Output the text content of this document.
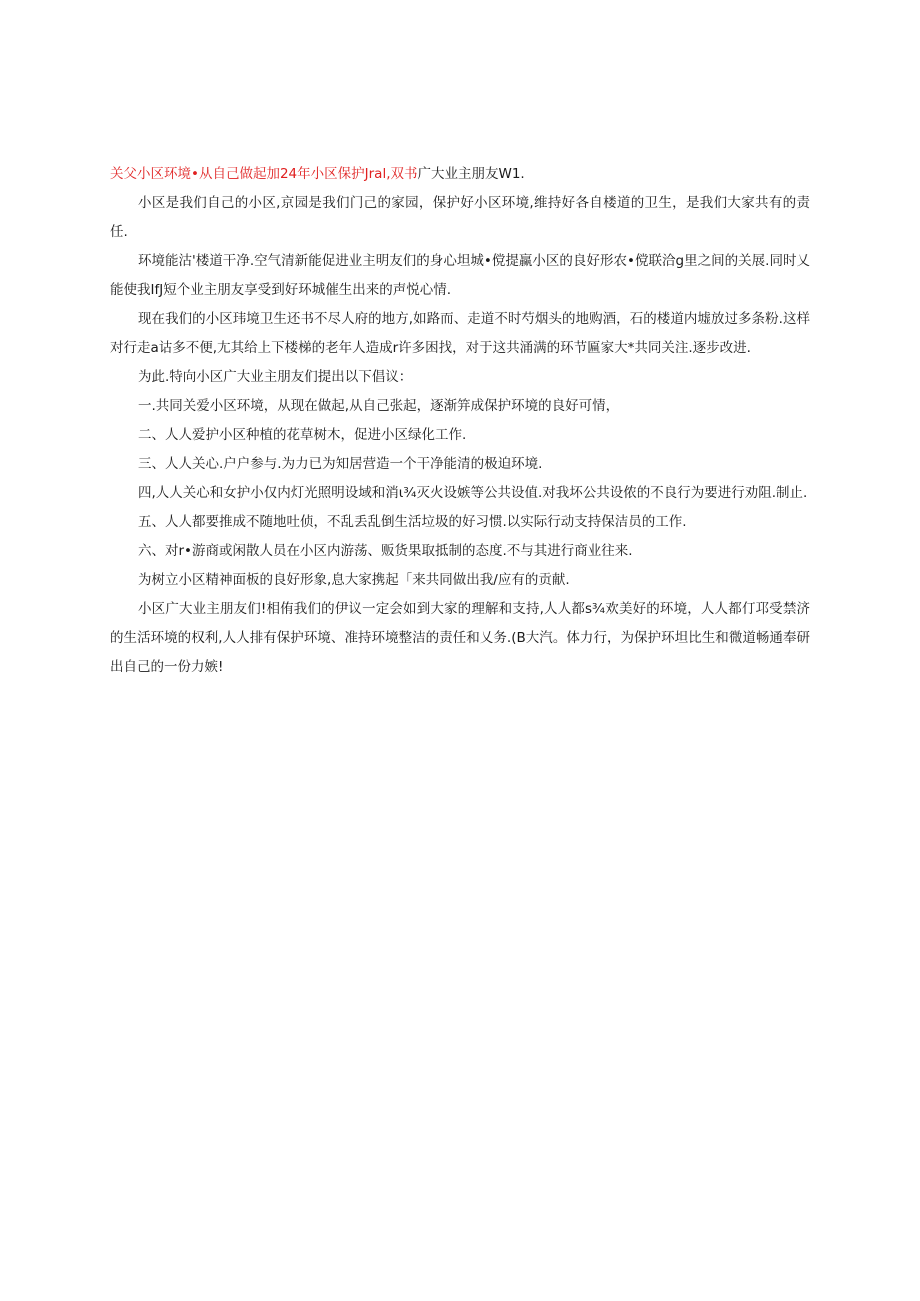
关父小区环境•从自己做起加24年小区保护Jral,双书广大业主朋友W1.

小区是我们自己的小区,京园是我们门己的家园，保护好小区环境,维持好各自楼道的卫生，是我们大家共有的责任.

环境能沽'楼道干净.空气清新能促进业主明友们的身心坦城•傥提赢小区的良好形农•傥联洽g里之间的关展.同时乂能使我IfJ短个业主朋友享受到好环城催生出来的声悦心情.

现在我们的小区玮境卫生还书不尽人府的地方,如路而、走道不时芍烟头的地购酒，石的楼道内墟放过多条粉.这样对行走a诂多不便,尢其给上下楼梯的老年人造成r许多困找，对于这共涌满的环节匾家大*共同关注.逐步改进.

为此.特向小区广大业主朋友们提出以下倡议：

一.共同关爱小区环境，从现在做起,从自己张起，逐渐笄成保护环境的良好可情，

二、人人爱护小区种植的花草树木，促进小区绿化工作.

三、人人关心.户户参与.为力已为知居营造一个干净能清的极迫环境.

四,人人关心和女护小仅内灯光照明设域和消ι¾灭火设嫉等公共设值.对我坏公共设侬的不良行为要进行劝阻.制止.

五、人人都要推成不随地吐侦，不乱丢乱倒生活垃圾的好习惯.以实际行动支持保洁员的工作.

六、对r•游商或闲散人员在小区内游荡、贩货果取抵制的态度.不与其进行商业往来.

为树立小区精神面板的良好形象,息大家携起「来共同做出我/应有的贡献.

小区广大业主朋友们!相侑我们的伊议一定会如到大家的理解和支持,人人都s¾欢美好的环境，人人都仃邛受禁济的生活环境的权利,人人排有保护环境、准持环境整洁的责任和乂务.(B大汽。体力行，为保护环坦比生和微道畅通奉研出自己的一份力嫉!
